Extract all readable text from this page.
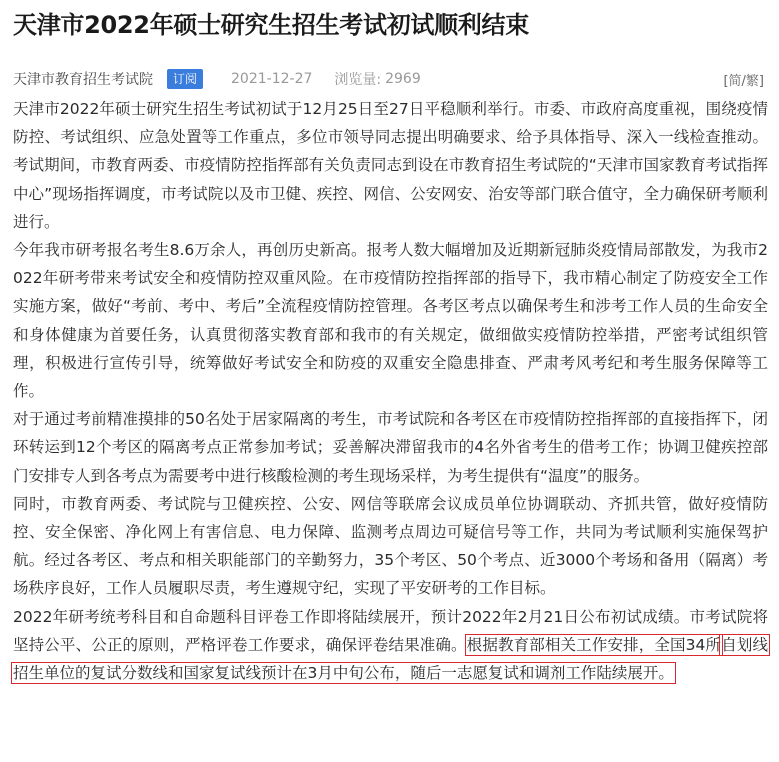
天津市2022年硕士研究生招生考试初试顺利结束
天津市教育招生考试院	订阅	2021-12-27 浏览量: 2969	[简/繁]

天津市2022年硕士研究生招生考试初试于12月25日至27日平稳顺利举行。市委、市政府高度重视，围绕疫情防控、考试组织、应急处置等工作重点，多位市领导同志提出明确要求、给予具体指导、深入一线检查推动。考试期间，市教育两委、市疫情防控指挥部有关负责同志到设在市教育招生考试院的“天津市国家教育考试指挥中心”现场指挥调度，市考试院以及市卫健、疾控、网信、公安网安、治安等部门联合值守，全力确保研考顺利进行。

今年我市研考报名考生8.6万余人，再创历史新高。报考人数大幅增加及近期新冠肺炎疫情局部散发，为我市2022年研考带来考试安全和疫情防控双重风险。在市疫情防控指挥部的指导下，我市精心制定了防疫安全工作实施方案，做好“考前、考中、考后”全流程疫情防控管理。各考区考点以确保考生和涉考工作人员的生命安全和身体健康为首要任务，认真贯彻落实教育部和我市的有关规定，做细做实疫情防控举措，严密考试组织管理，积极进行宣传引导，统筹做好考试安全和防疫的双重安全隐患排查、严肃考风考纪和考生服务保障等工作。

对于通过考前精准摸排的50名处于居家隔离的考生，市考试院和各考区在市疫情防控指挥部的直接指挥下，闭环转运到12个考区的隔离考点正常参加考试；妥善解决滞留我市的4名外省考生的借考工作；协调卫健疾控部门安排专人到各考点为需要考中进行核酸检测的考生现场采样，为考生提供有“温度”的服务。

同时，市教育两委、考试院与卫健疾控、公安、网信等联席会议成员单位协调联动、齐抓共管，做好疫情防控、安全保密、净化网上有害信息、电力保障、监测考点周边可疑信号等工作，共同为考试顺利实施保驾护航。经过各考区、考点和相关职能部门的辛勤努力，35个考区、50个考点、近3000个考场和备用（隔离）考场秩序良好，工作人员履职尽责，考生遵规守纪，实现了平安研考的工作目标。

2022年研考统考科目和自命题科目评卷工作即将陆续展开，预计2022年2月21日公布初试成绩。市考试院将坚持公平、公正的原则，严格评卷工作要求，确保评卷结果准确。根据教育部相关工作安排，全国34所自划线招生单位的复试分数线和国家复试线预计在3月中旬公布，随后一志愿复试和调剂工作陆续展开。
